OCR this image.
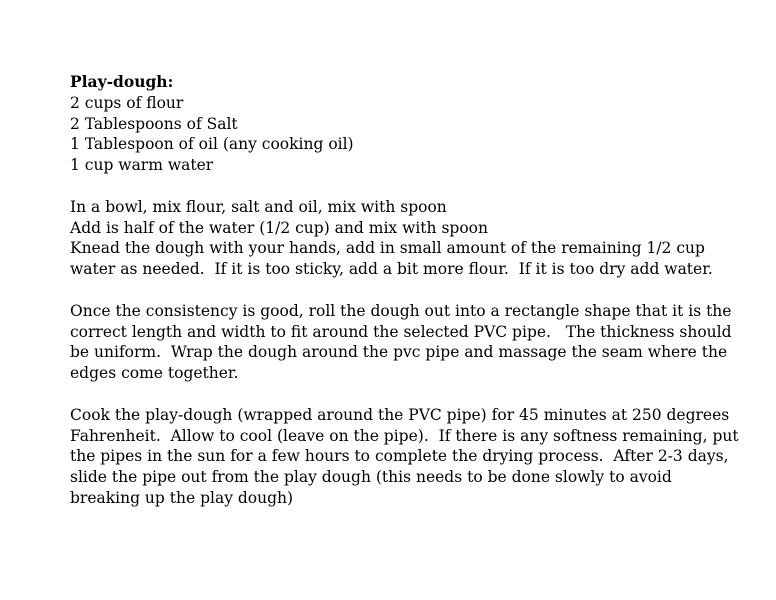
Play-dough:
2 cups of flour
2 Tablespoons of Salt
1 Tablespoon of oil (any cooking oil)
1 cup warm water
In a bowl, mix flour, salt and oil, mix with spoon
Add is half of the water (1/2 cup) and mix with spoon
Knead the dough with your hands, add in small amount of the remaining 1/2 cup
water as needed.  If it is too sticky, add a bit more flour.  If it is too dry add water.
Once the consistency is good, roll the dough out into a rectangle shape that it is the
correct length and width to fit around the selected PVC pipe.   The thickness should
be uniform.  Wrap the dough around the pvc pipe and massage the seam where the
edges come together.
Cook the play-dough (wrapped around the PVC pipe) for 45 minutes at 250 degrees
Fahrenheit.  Allow to cool (leave on the pipe).  If there is any softness remaining, put
the pipes in the sun for a few hours to complete the drying process.  After 2-3 days,
slide the pipe out from the play dough (this needs to be done slowly to avoid
breaking up the play dough)
